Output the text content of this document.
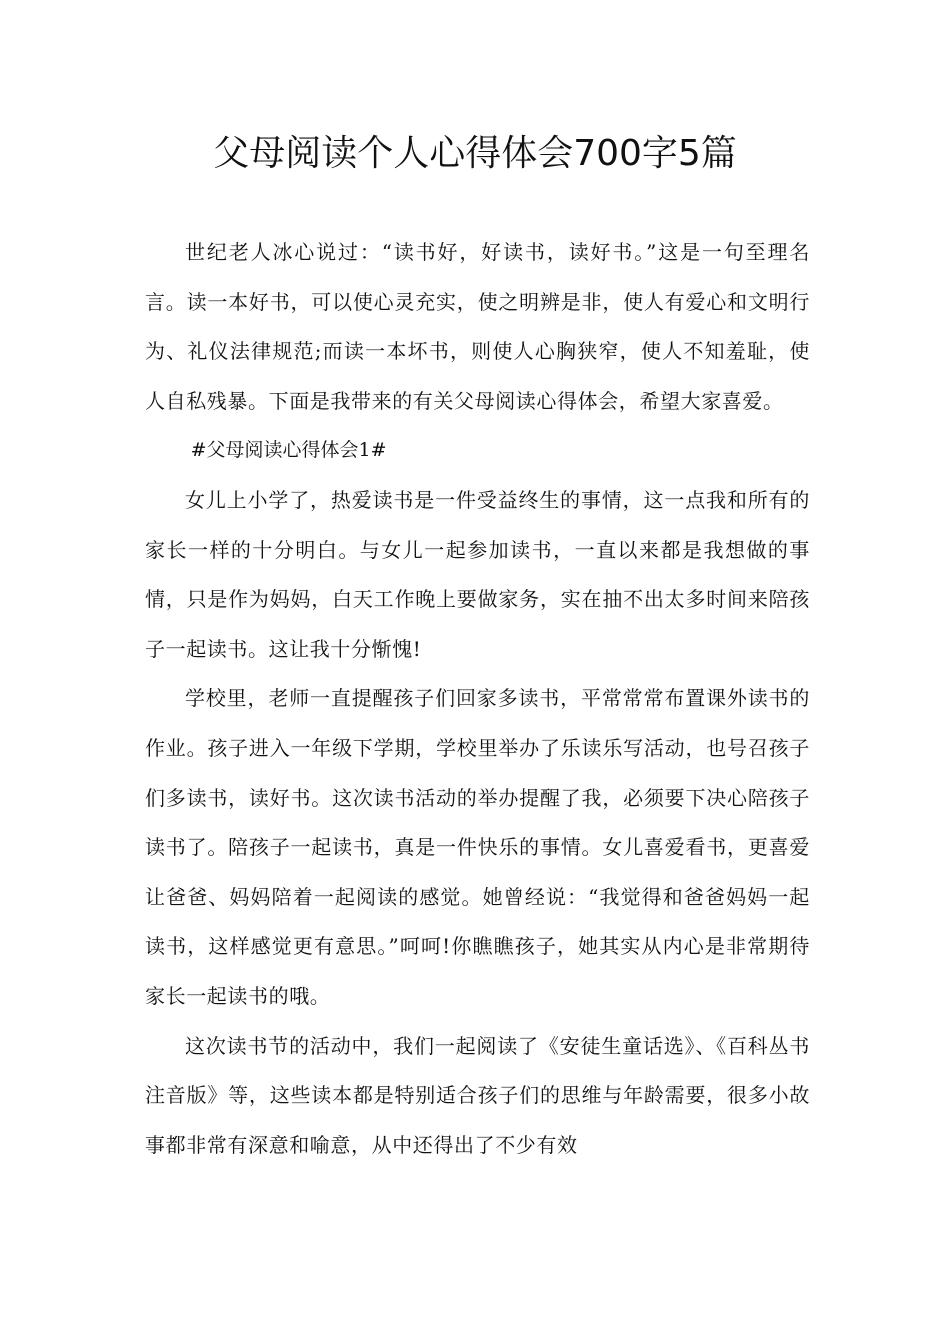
父母阅读个人心得体会700字5篇

世纪老人冰心说过：“读书好，好读书，读好书。”这是一句至理名言。读一本好书，可以使心灵充实，使之明辨是非，使人有爱心和文明行为、礼仪法律规范;而读一本坏书，则使人心胸狭窄，使人不知羞耻，使人自私残暴。下面是我带来的有关父母阅读心得体会，希望大家喜爱。

#父母阅读心得体会1#

女儿上小学了，热爱读书是一件受益终生的事情，这一点我和所有的家长一样的十分明白。与女儿一起参加读书，一直以来都是我想做的事情，只是作为妈妈，白天工作晚上要做家务，实在抽不出太多时间来陪孩子一起读书。这让我十分惭愧!

学校里，老师一直提醒孩子们回家多读书，平常常常布置课外读书的作业。孩子进入一年级下学期，学校里举办了乐读乐写活动，也号召孩子们多读书，读好书。这次读书活动的举办提醒了我，必须要下决心陪孩子读书了。陪孩子一起读书，真是一件快乐的事情。女儿喜爱看书，更喜爱让爸爸、妈妈陪着一起阅读的感觉。她曾经说：“我觉得和爸爸妈妈一起读书，这样感觉更有意思。”呵呵!你瞧瞧孩子，她其实从内心是非常期待家长一起读书的哦。

这次读书节的活动中，我们一起阅读了《安徒生童话选》、《百科丛书注音版》等，这些读本都是特别适合孩子们的思维与年龄需要，很多小故事都非常有深意和喻意，从中还得出了不少有效
